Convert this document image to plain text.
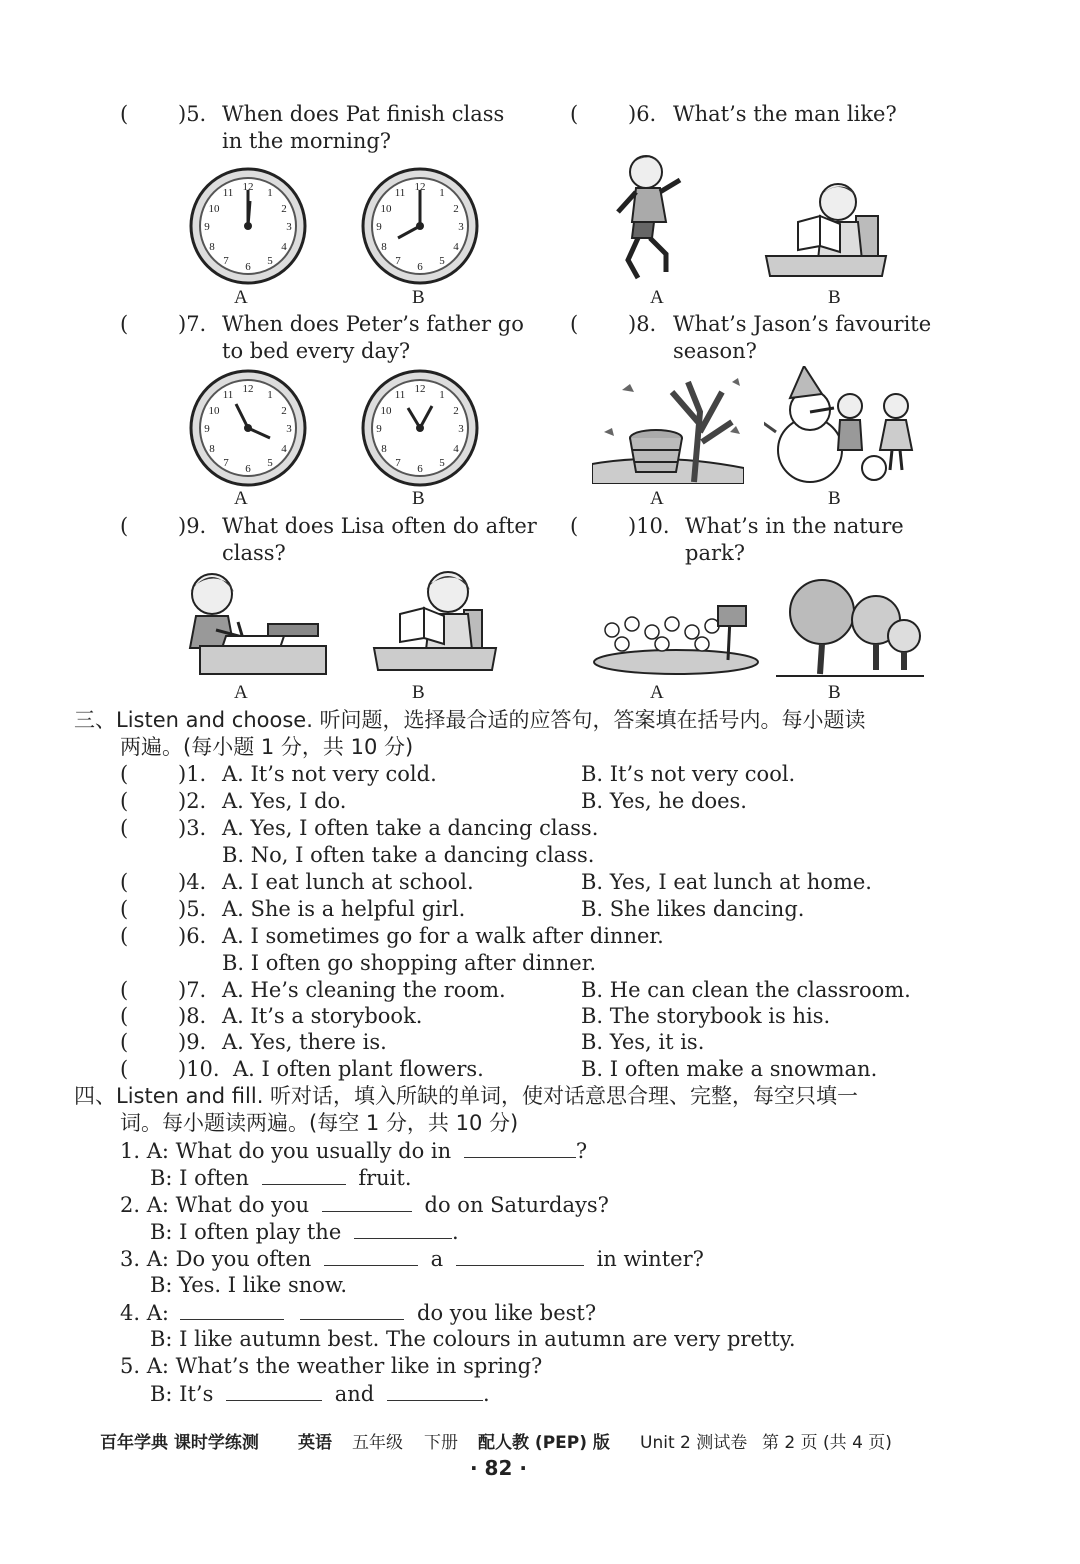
( )5. When does Pat finish class
in the morning?
( )6. What’s the man like?
12 1
2
3
4
5
6
7
8
9
10
11	12 1
2
3
4
5
6
7
8
9
10
11
A	B	A	B
( )7. When does Peter’s father go
to bed every day?
( )8. What’s Jason’s favourite
season?
12 1
2
3
4
5
6
7
8
9
10
11	12 1
2
3
4
5
6
7
8
9
10
11
A	B	A	B
( )9. What does Lisa often do after
class?
( )10. What’s in the nature
park?
A	B	A	B
三、Listen and choose. 听问题，选择最合适的应答句，答案填在括号内。每小题读
两遍。(每小题 1 分，共 10 分)
( )1. A. It’s not very cold.	B. It’s not very cool.
( )2. A. Yes, I do.	B. Yes, he does.
( )3. A. Yes, I often take a dancing class.
B. No, I often take a dancing class.
( )4. A. I eat lunch at school.	B. Yes, I eat lunch at home.
( )5. A. She is a helpful girl.	B. She likes dancing.
( )6. A. I sometimes go for a walk after dinner.
B. I often go shopping after dinner.
( )7. A. He’s cleaning the room.	B. He can clean the classroom.
( )8. A. It’s a storybook.	B. The storybook is his.
( )9. A. Yes, there is.	B. Yes, it is.
( )10. A. I often plant flowers.	B. I often make a snowman.
四、Listen and fill. 听对话，填入所缺的单词，使对话意思合理、完整，每空只填一
词。每小题读两遍。(每空 1 分，共 10 分)
1. A: What do you usually do in	?
B: I often	fruit.
2. A: What do you	do on Saturdays?
B: I often play the	.
3. A: Do you often	a	in winter?
B: Yes. I like snow.
4. A:	do you like best?
B: I like autumn best. The colours in autumn are very pretty.
5. A: What’s the weather like in spring?
B: It’s	and	.
百年学典 课时学练测 英语 五年级 下册 配人教 (PEP) 版 Unit 2 测试卷 第 2 页 (共 4 页)
· 82 ·
